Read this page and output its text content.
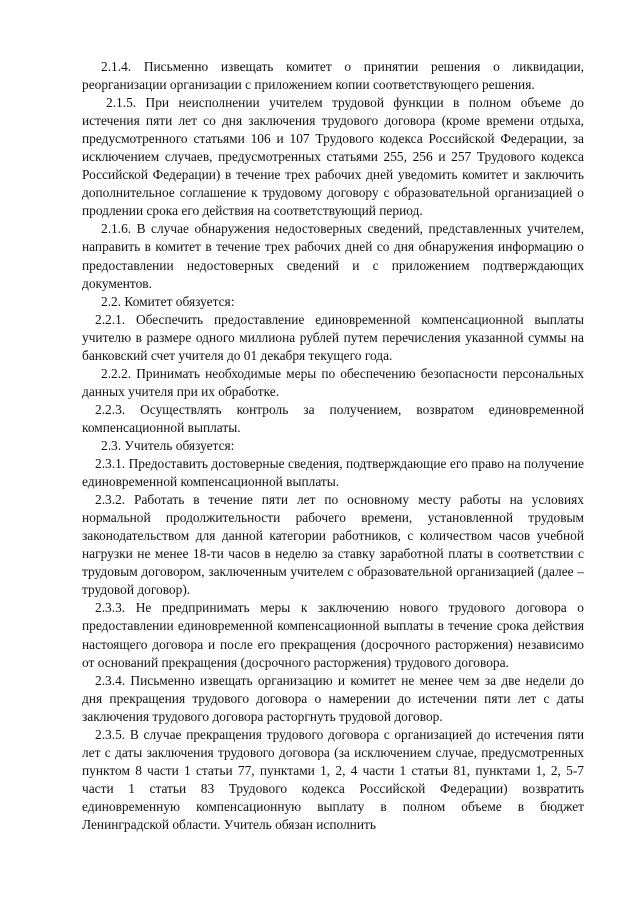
2.1.4. Письменно извещать комитет о принятии решения о ликвидации, реорганизации организации с приложением копии соответствующего решения.

2.1.5. При неисполнении учителем трудовой функции в полном объеме до истечения пяти лет со дня заключения трудового договора (кроме времени отдыха, предусмотренного статьями 106 и 107 Трудового кодекса Российской Федерации, за исключением случаев, предусмотренных статьями 255, 256 и 257 Трудового кодекса Российской Федерации) в течение трех рабочих дней уведомить комитет и заключить дополнительное соглашение к трудовому договору с образовательной организацией о продлении срока его действия на соответствующий период.

2.1.6. В случае обнаружения недостоверных сведений, представленных учителем, направить в комитет в течение трех рабочих дней со дня обнаружения информацию о предоставлении недостоверных сведений и с приложением подтверждающих документов.

2.2. Комитет обязуется:

2.2.1. Обеспечить предоставление единовременной компенсационной выплаты учителю в размере одного миллиона рублей путем перечисления указанной суммы на банковский счет учителя до 01 декабря текущего года.

2.2.2. Принимать необходимые меры по обеспечению безопасности персональных данных учителя при их обработке.

2.2.3. Осуществлять контроль за получением, возвратом единовременной компенсационной выплаты.

2.3. Учитель обязуется:

2.3.1. Предоставить достоверные сведения, подтверждающие его право на получение единовременной компенсационной выплаты.

2.3.2. Работать в течение пяти лет по основному месту работы на условиях нормальной продолжительности рабочего времени, установленной трудовым законодательством для данной категории работников, с количеством часов учебной нагрузки не менее 18-ти часов в неделю за ставку заработной платы в соответствии с трудовым договором, заключенным учителем с образовательной организацией (далее – трудовой договор).

2.3.3. Не предпринимать меры к заключению нового трудового договора о предоставлении единовременной компенсационной выплаты в течение срока действия настоящего договора и после его прекращения (досрочного расторжения) независимо от оснований прекращения (досрочного расторжения) трудового договора.

2.3.4. Письменно извещать организацию и комитет не менее чем за две недели до дня прекращения трудового договора о намерении до истечении пяти лет с даты заключения трудового договора расторгнуть трудовой договор.

2.3.5. В случае прекращения трудового договора с организацией до истечения пяти лет с даты заключения трудового договора (за исключением случае, предусмотренных пунктом 8 части 1 статьи 77, пунктами 1, 2, 4 части 1 статьи 81, пунктами 1, 2, 5-7 части 1 статьи 83 Трудового кодекса Российской Федерации) возвратить единовременную компенсационную выплату в полном объеме в бюджет Ленинградской области. Учитель обязан исполнить
